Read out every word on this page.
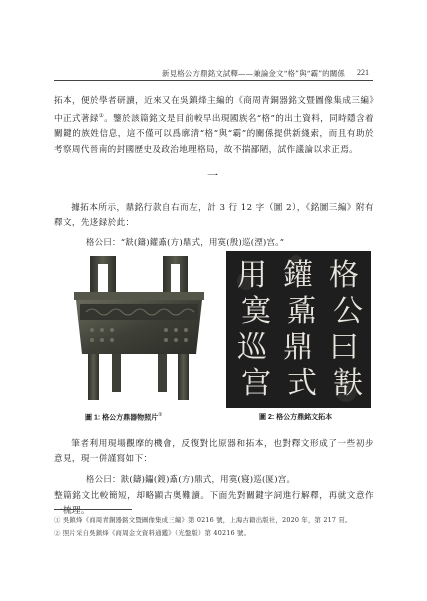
新見格公方鼎銘文試釋——兼論金文“格”與“霸”的關係 221
拓本，便於學者研讀，近來又在吳鎮烽主編的《商周青銅器銘文暨圖像集成三編》中正式著録①。鑒於該篇銘文是目前較早出現國族名“格”的出土資料，同時隱含着關鍵的族姓信息，這不僅可以爲廓清“格”與“霸”的關係提供新綫索，而且有助於考察周代晉南的封國歷史及政治地理格局，故不揣鄙陋，試作議論以求正焉。
一
據拓本所示，鼎銘行款自右而左，計 3 行 12 字（圖 2），《銘圖三編》附有釋文，先迻録於此：
格公曰：“㝬(鑄)鑵鼒(方)鼎式，用寞(殷)巡(湮)宫。”
圖 1: 格公方鼎器物照片②
格
公
曰
㝬
鑵
鼒
鼎
式
用
寞
巡
宫
圖 2: 格公方鼎銘文拓本
筆者利用現場觀摩的機會，反復對比原器和拓本，也對釋文形成了一些初步意見，現一併謹寫如下：
格公曰：㝬(鑄)鑘(䤹)鼒(方)鼎式，用寞(寢)巡(匽)宫。
整篇銘文比較簡短，却略顯古奥難讀。下面先對關鍵字詞進行解釋，再就文意作一梳理。
① 吳鎮烽《商周青銅器銘文暨圖像集成三編》第 0216 號，上海古籍出版社，2020 年，第 217 頁。
② 照片采自吳鎮烽《商周金文資料通鑑》（光盤版）第 40216 號。
